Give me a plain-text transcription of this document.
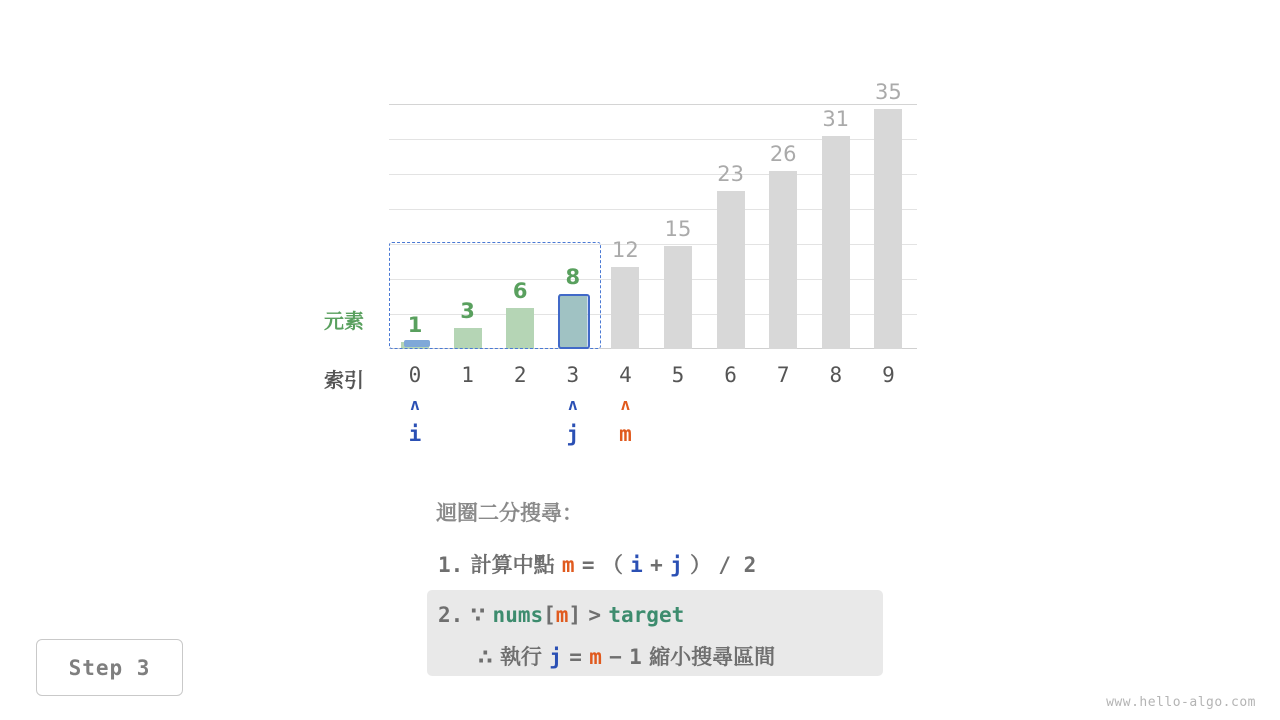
1
3
6
8
12
15
23
26
31
35
元素
索引	0	1	2	3	4	5	6	7	8	9
ʌ
i
ʌ
j
ʌ
m
迴圈二分搜尋：
1. 計算中點 m = （ i + j ） / 2
2. ∵ nums[m] > target
∴ 執行 j = m − 1 縮小搜尋區間
Step 3
www.hello-algo.com
